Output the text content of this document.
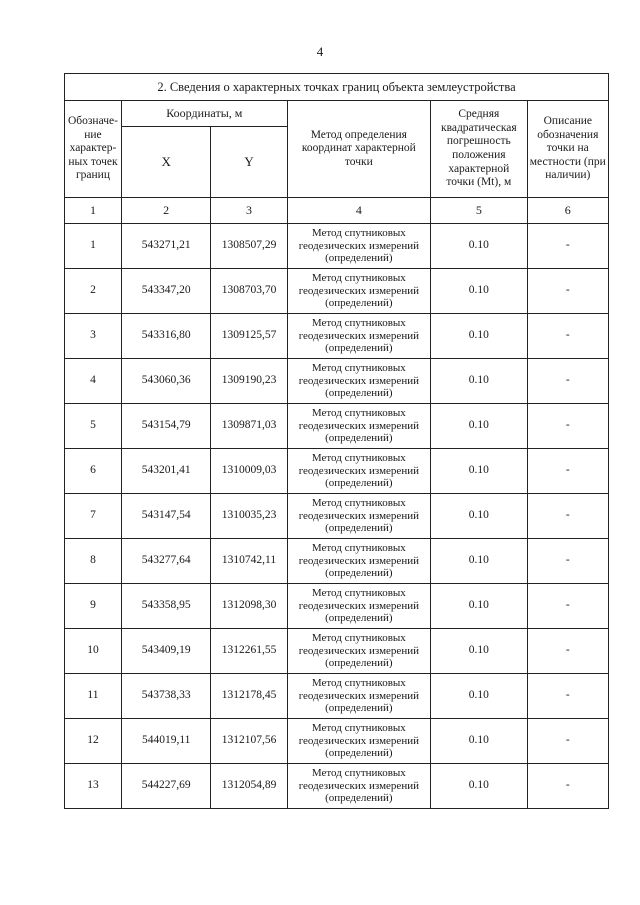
4
2. Сведения о характерных точках границ объекта землеустройства					
Обозначе-ние характер-ных точек границ	Координаты, м		Метод определения координат характерной точки	Средняя квадратическая погрешность положения характерной точки (Mt), м	Описание обозначения точки на местности (при наличии)
	X	Y			
1	2	3	4	5	6
1	543271,21	1308507,29	Метод спутниковых геодезических измерений (определений)	0.10	-
2	543347,20	1308703,70	Метод спутниковых геодезических измерений (определений)	0.10	-
3	543316,80	1309125,57	Метод спутниковых геодезических измерений (определений)	0.10	-
4	543060,36	1309190,23	Метод спутниковых геодезических измерений (определений)	0.10	-
5	543154,79	1309871,03	Метод спутниковых геодезических измерений (определений)	0.10	-
6	543201,41	1310009,03	Метод спутниковых геодезических измерений (определений)	0.10	-
7	543147,54	1310035,23	Метод спутниковых геодезических измерений (определений)	0.10	-
8	543277,64	1310742,11	Метод спутниковых геодезических измерений (определений)	0.10	-
9	543358,95	1312098,30	Метод спутниковых геодезических измерений (определений)	0.10	-
10	543409,19	1312261,55	Метод спутниковых геодезических измерений (определений)	0.10	-
11	543738,33	1312178,45	Метод спутниковых геодезических измерений (определений)	0.10	-
12	544019,11	1312107,56	Метод спутниковых геодезических измерений (определений)	0.10	-
13	544227,69	1312054,89	Метод спутниковых геодезических измерений (определений)	0.10	-
